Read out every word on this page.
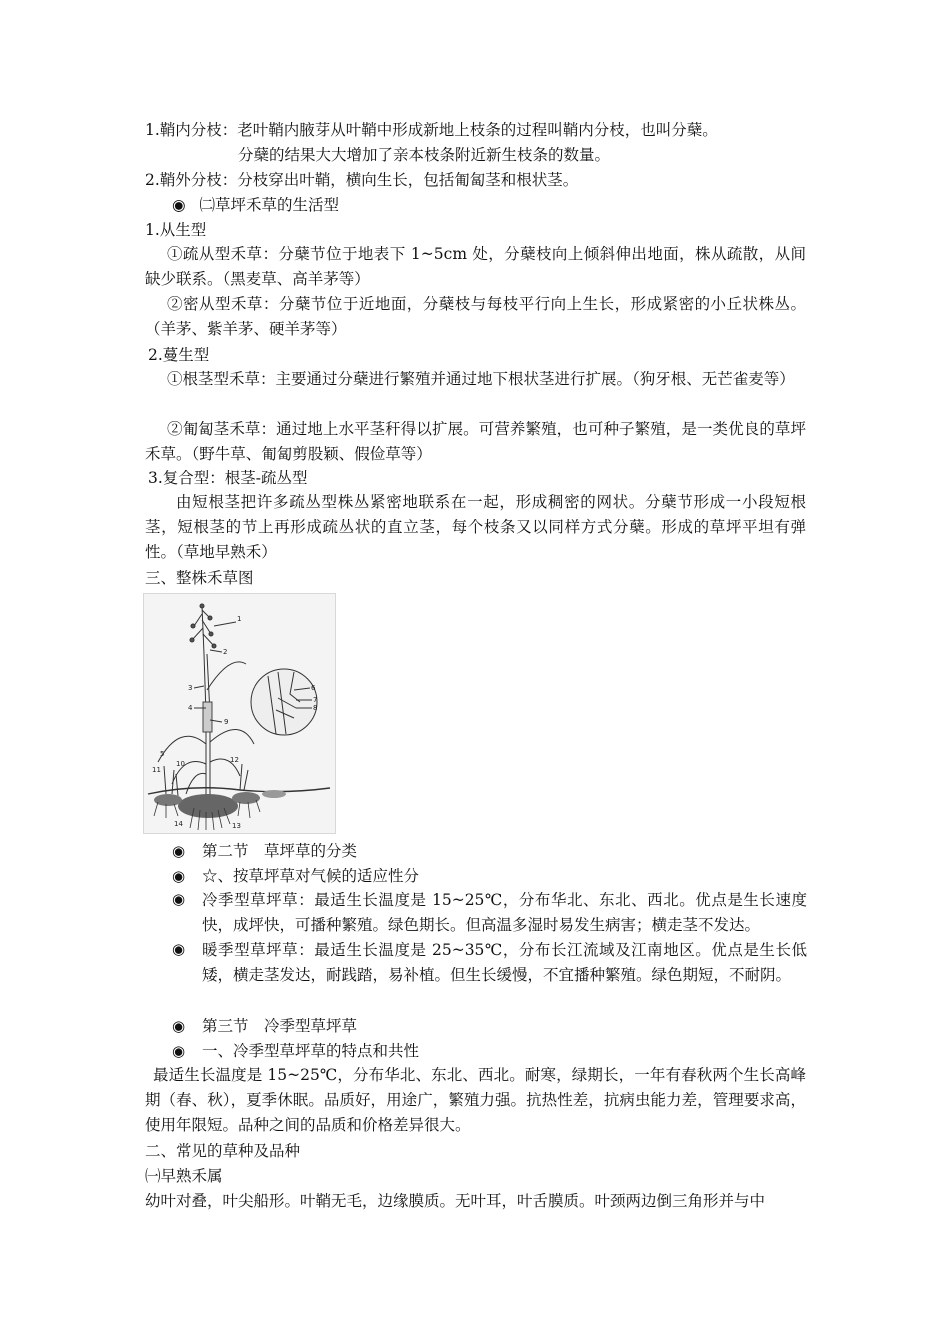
1.鞘内分枝：老叶鞘内腋芽从叶鞘中形成新地上枝条的过程叫鞘内分枝，也叫分蘖。
分蘖的结果大大增加了亲本枝条附近新生枝条的数量。
2.鞘外分枝：分枝穿出叶鞘，横向生长，包括匍匐茎和根状茎。
◉ ㈡草坪禾草的生活型
1.从生型
①疏从型禾草：分蘖节位于地表下 1~5cm 处，分蘖枝向上倾斜伸出地面，株从疏散，从间缺少联系。（黑麦草、高羊茅等）
②密从型禾草：分蘖节位于近地面，分蘖枝与每枝平行向上生长，形成紧密的小丘状株丛。（羊茅、紫羊茅、硬羊茅等）
2.蔓生型
①根茎型禾草：主要通过分蘖进行繁殖并通过地下根状茎进行扩展。（狗牙根、无芒雀麦等）
②匍匐茎禾草：通过地上水平茎秆得以扩展。可营养繁殖，也可种子繁殖，是一类优良的草坪禾草。（野牛草、匍匐剪股颖、假俭草等）
3.复合型：根茎-疏丛型
由短根茎把许多疏丛型株丛紧密地联系在一起，形成稠密的网状。分蘖节形成一小段短根茎，短根茎的节上再形成疏丛状的直立茎，每个枝条又以同样方式分蘖。形成的草坪平坦有弹性。（草地早熟禾）
三、整株禾草图
1
2
3
4
5
6
7
8
9
10
11
12
13
14
◉ 第二节　草坪草的分类
◉ ☆、按草坪草对气候的适应性分
◉ 冷季型草坪草：最适生长温度是 15~25℃，分布华北、东北、西北。优点是生长速度快，成坪快，可播种繁殖。绿色期长。但高温多湿时易发生病害；横走茎不发达。
◉ 暖季型草坪草：最适生长温度是 25~35℃，分布长江流域及江南地区。优点是生长低矮，横走茎发达，耐践踏，易补植。但生长缓慢，不宜播种繁殖。绿色期短，不耐阴。
◉ 第三节　冷季型草坪草
◉ 一、冷季型草坪草的特点和共性
最适生长温度是 15~25℃，分布华北、东北、西北。耐寒，绿期长，一年有春秋两个生长高峰期（春、秋），夏季休眠。品质好，用途广，繁殖力强。抗热性差，抗病虫能力差，管理要求高，使用年限短。品种之间的品质和价格差异很大。
二、常见的草种及品种
㈠早熟禾属
幼叶对叠，叶尖船形。叶鞘无毛，边缘膜质。无叶耳，叶舌膜质。叶颈两边倒三角形并与中
